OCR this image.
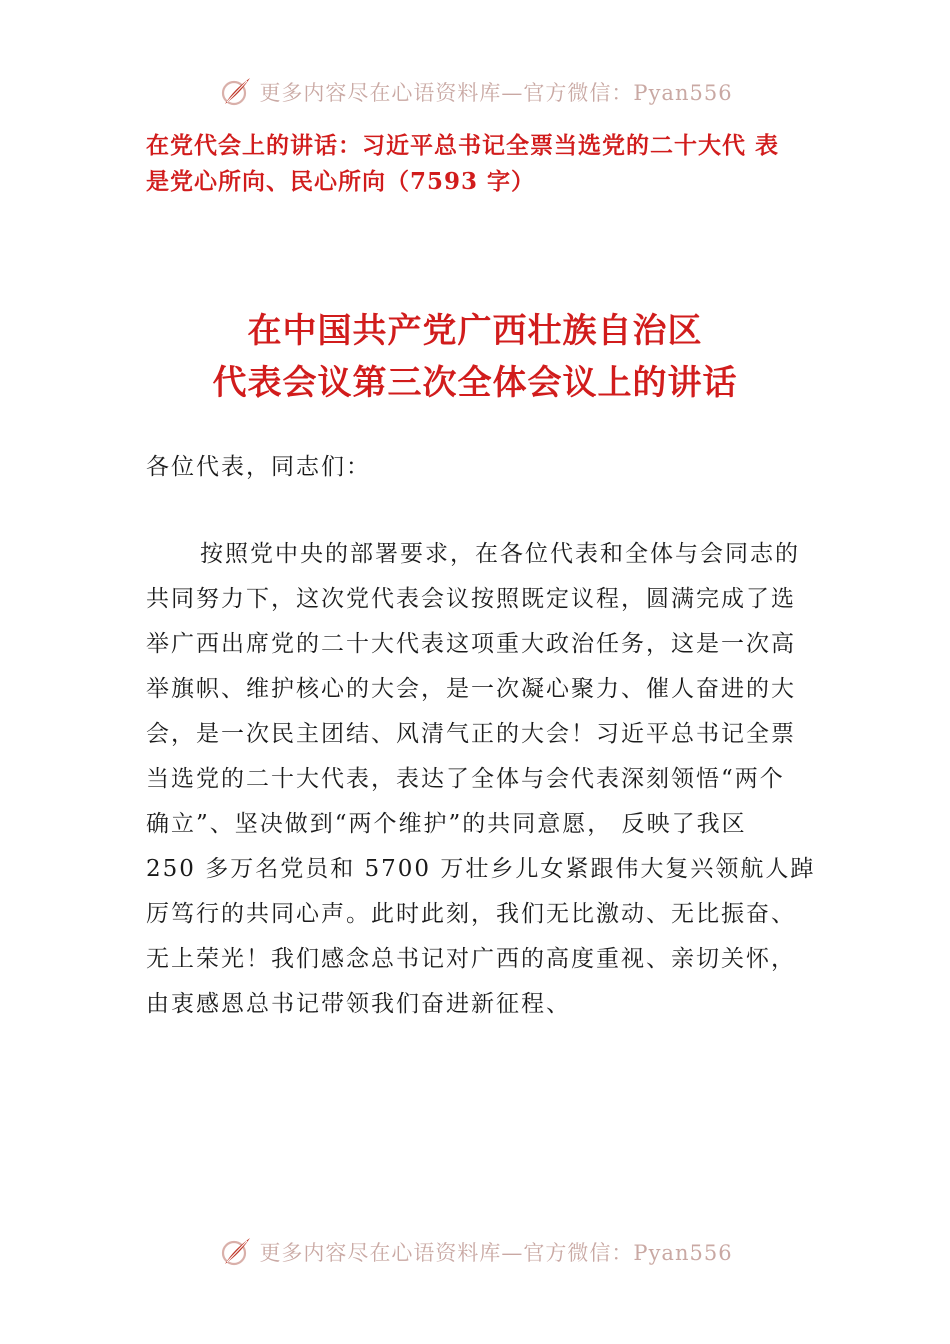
更多内容尽在心语资料库—官方微信：Pyan556
在党代会上的讲话：习近平总书记全票当选党的二十大代 表
是党心所向、民心所向（7593 字）
在中国共产党广西壮族自治区
代表会议第三次全体会议上的讲话
各位代表，同志们：
按照党中央的部署要求，在各位代表和全体与会同志的
共同努力下，这次党代表会议按照既定议程，圆满完成了选
举广西出席党的二十大代表这项重大政治任务，这是一次高
举旗帜、维护核心的大会，是一次凝心聚力、催人奋进的大
会，是一次民主团结、风清气正的大会！习近平总书记全票
当选党的二十大代表，表达了全体与会代表深刻领悟“两个
确立”、坚决做到“两个维护”的共同意愿， 反映了我区
250 多万名党员和 5700 万壮乡儿女紧跟伟大复兴领航人踔
厉笃行的共同心声。此时此刻，我们无比激动、无比振奋、
无上荣光！我们感念总书记对广西的高度重视、亲切关怀，
由衷感恩总书记带领我们奋进新征程、
更多内容尽在心语资料库—官方微信：Pyan556
